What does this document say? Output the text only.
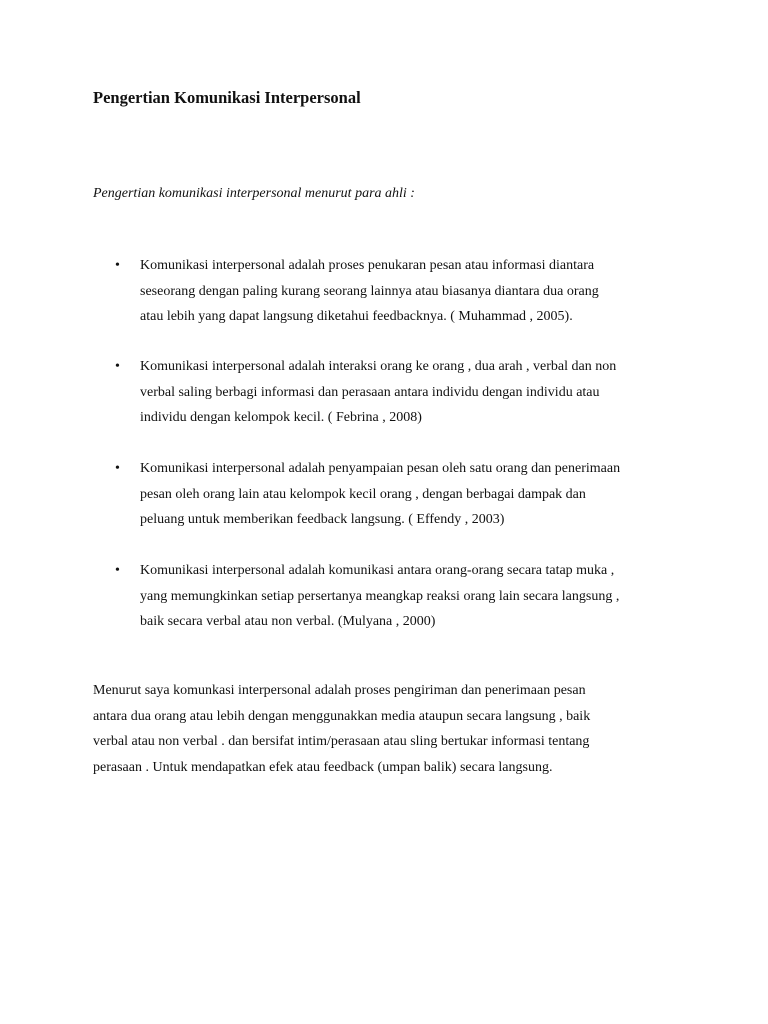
Pengertian Komunikasi Interpersonal

Pengertian komunikasi interpersonal menurut para ahli :

• Komunikasi interpersonal adalah proses penukaran pesan atau informasi diantara
seseorang dengan paling kurang seorang lainnya atau biasanya diantara dua orang
atau lebih yang dapat langsung diketahui feedbacknya. ( Muhammad , 2005).
• Komunikasi interpersonal adalah interaksi orang ke orang , dua arah , verbal dan non
verbal saling berbagi informasi dan perasaan antara individu dengan individu atau
individu dengan kelompok kecil. ( Febrina , 2008)
• Komunikasi interpersonal adalah penyampaian pesan oleh satu orang dan penerimaan
pesan oleh orang lain atau kelompok kecil orang , dengan berbagai dampak dan
peluang untuk memberikan feedback langsung. ( Effendy , 2003)
• Komunikasi interpersonal adalah komunikasi antara orang-orang secara tatap muka ,
yang memungkinkan setiap persertanya meangkap reaksi orang lain secara langsung ,
baik secara verbal atau non verbal. (Mulyana , 2000)
Menurut saya komunkasi interpersonal adalah proses pengiriman dan penerimaan pesan
antara dua orang atau lebih dengan menggunakkan media ataupun secara langsung , baik
verbal atau non verbal . dan bersifat intim/perasaan atau sling bertukar informasi tentang
perasaan . Untuk mendapatkan efek atau feedback (umpan balik) secara langsung.
